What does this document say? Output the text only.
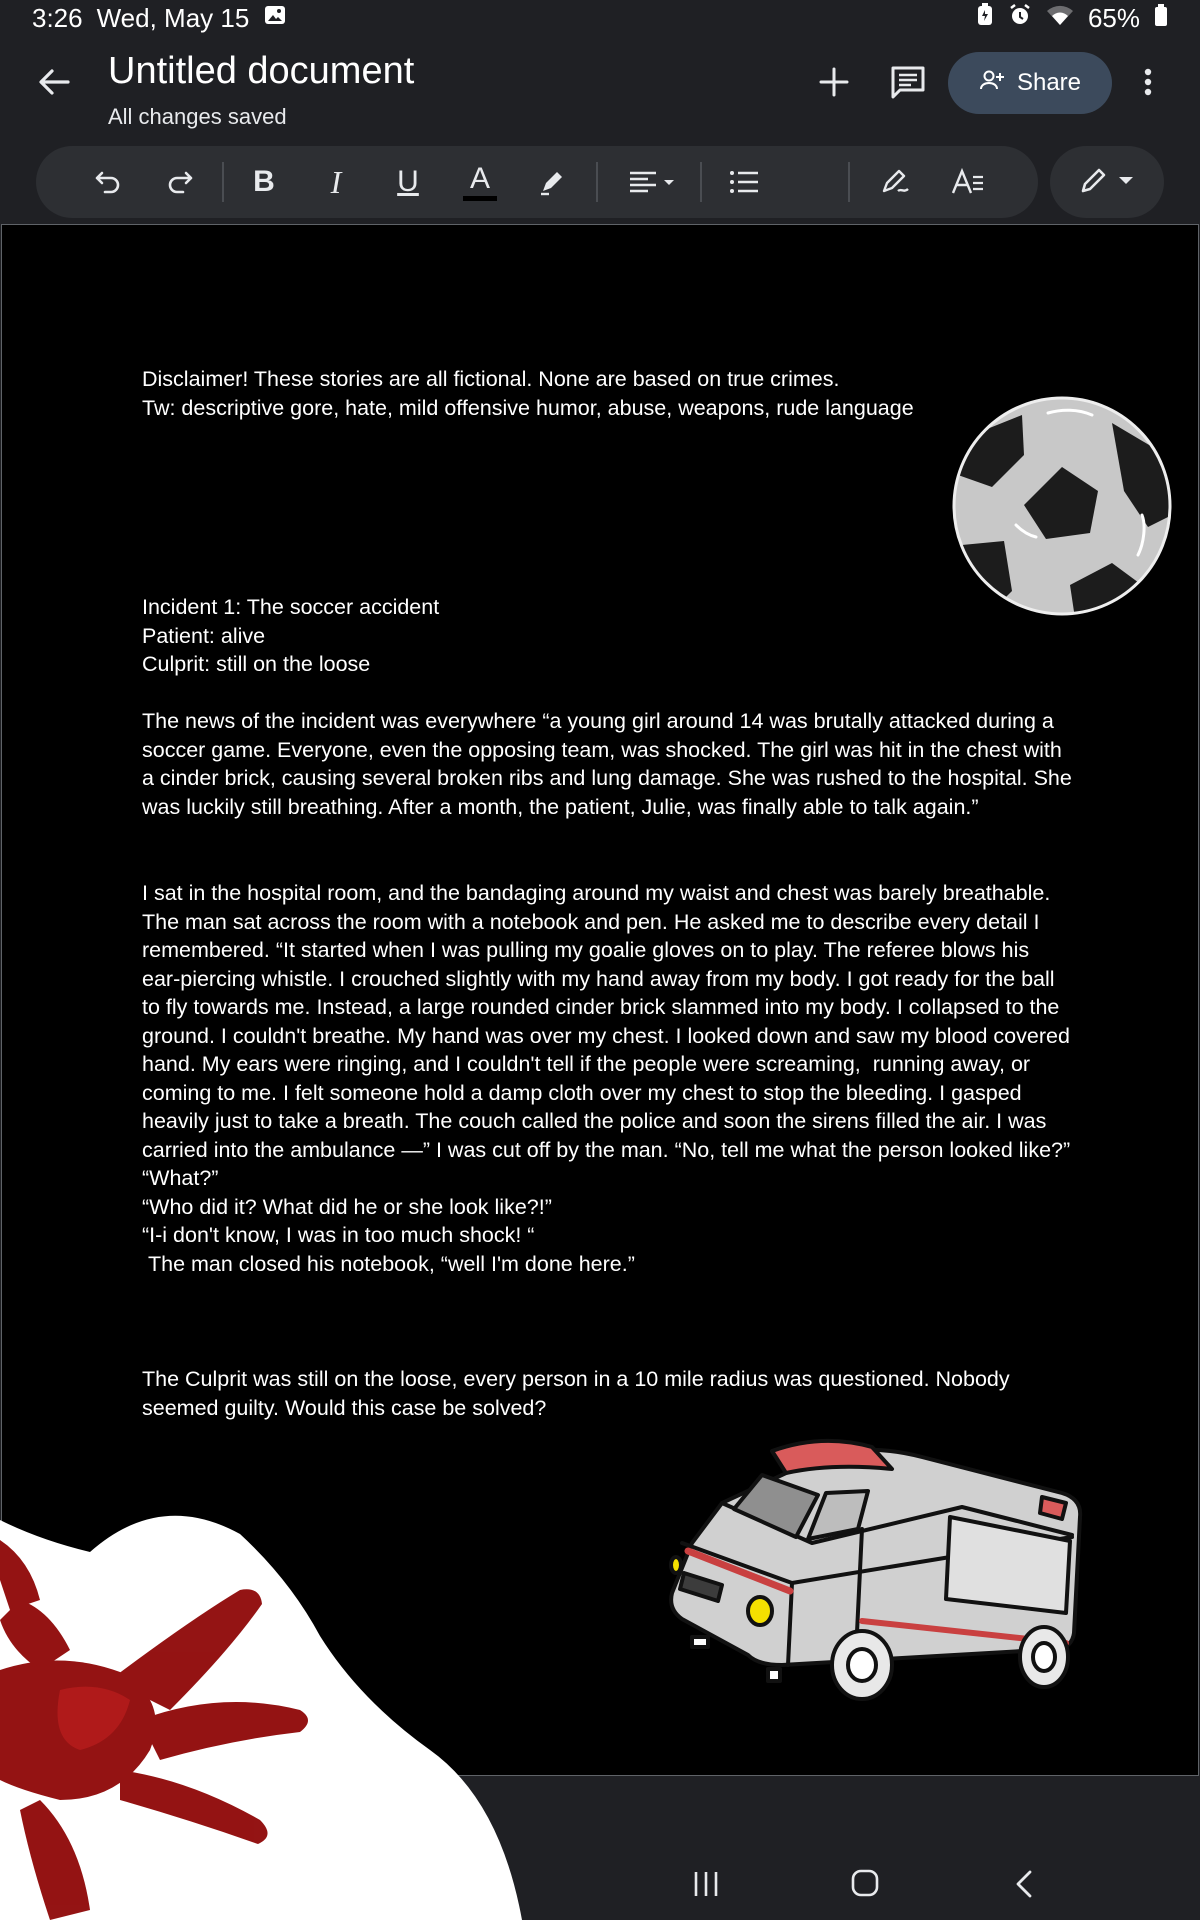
3:26 Wed, May 15	65%
Untitled document
All changes saved
Share
B	I	U	A

Disclaimer! These stories are all fictional. None are based on true crimes.

Tw: descriptive gore, hate, mild offensive humor, abuse, weapons, rude language

Incident 1: The soccer accident

Patient: alive

Culprit: still on the loose

The news of the incident was everywhere “a young girl around 14 was brutally attacked during a soccer game. Everyone, even the opposing team, was shocked. The girl was hit in the chest with a cinder brick, causing several broken ribs and lung damage. She was rushed to the hospital. She was luckily still breathing. After a month, the patient, Julie, was finally able to talk again.”

I sat in the hospital room, and the bandaging around my waist and chest was barely breathable. The man sat across the room with a notebook and pen. He asked me to describe every detail I remembered. “It started when I was pulling my goalie gloves on to play. The referee blows his ear-piercing whistle. I crouched slightly with my hand away from my body. I got ready for the ball to fly towards me. Instead, a large rounded cinder brick slammed into my body. I collapsed to the ground. I couldn't breathe. My hand was over my chest. I looked down and saw my blood covered hand. My ears were ringing, and I couldn't tell if the people were screaming,  running away, or coming to me. I felt someone hold a damp cloth over my chest to stop the bleeding. I gasped heavily just to take a breath. The couch called the police and soon the sirens filled the air. I was carried into the ambulance —” I was cut off by the man. “No, tell me what the person looked like?”

“What?”

“Who did it? What did he or she look like?!”

“I-i don't know, I was in too much shock! “

The man closed his notebook, “well I'm done here.”

The Culprit was still on the loose, every person in a 10 mile radius was questioned. Nobody seemed guilty. Would this case be solved?
